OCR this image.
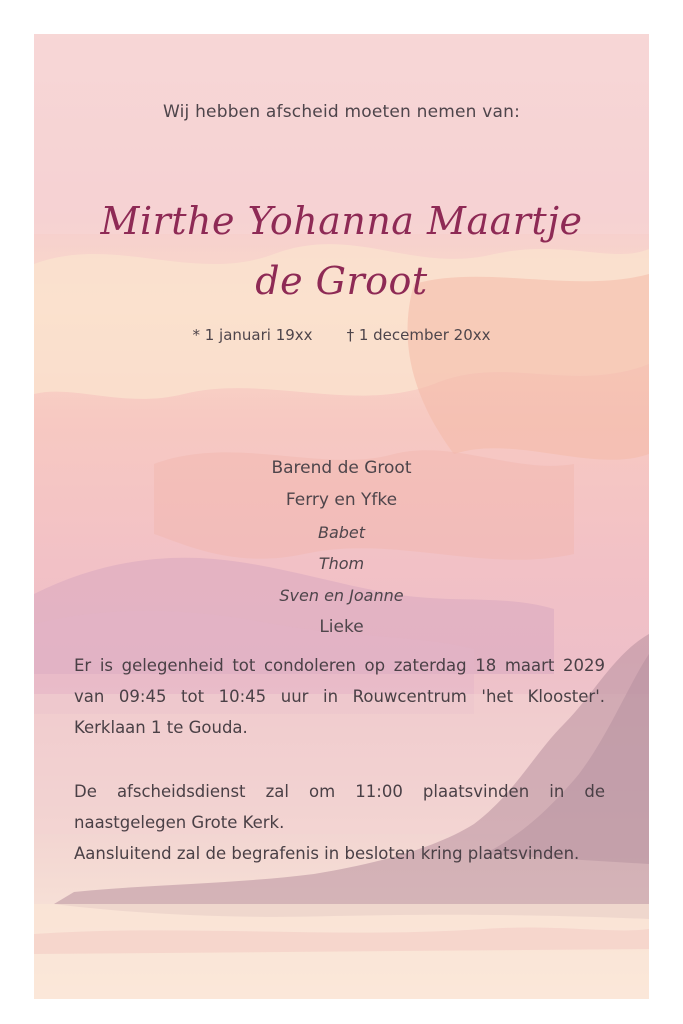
Wij hebben afscheid moeten nemen van:
Mirthe Yohanna Maartje
de Groot
* 1 januari 19xx † 1 december 20xx
Barend de Groot
Ferry en Yfke
Babet
Thom
Sven en Joanne
Lieke

Er is gelegenheid tot condoleren op zaterdag 18 maart 2029 van 09:45 tot 10:45 uur in Rouwcentrum 'het Klooster'. Kerklaan 1 te Gouda.

De afscheidsdienst zal om 11:00 plaatsvinden in de naastgelegen Grote Kerk.

Aansluitend zal de begrafenis in besloten kring plaatsvinden.
